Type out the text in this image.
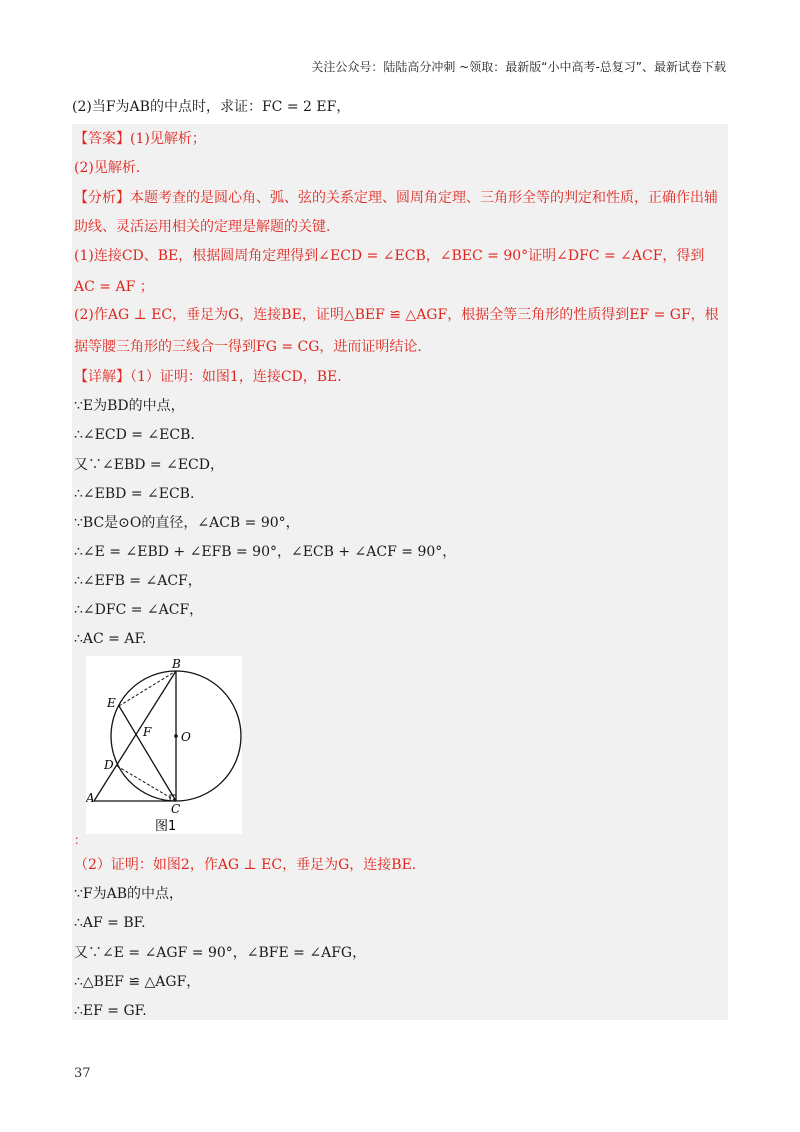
关注公众号：陆陆高分冲刺 ~领取：最新版“小中高考-总复习”、最新试卷下载
(2)当F为AB的中点时，求证：FC = 2 EF，
【答案】(1)见解析；
(2)见解析.
【分析】本题考查的是圆心角、弧、弦的关系定理、圆周角定理、三角形全等的判定和性质，正确作出辅
助线、灵活运用相关的定理是解题的关键.
(1)连接CD、BE，根据圆周角定理得到∠ECD = ∠ECB，∠BEC = 90°证明∠DFC = ∠ACF，得到
AC = AF ；
(2)作AG ⊥ EC，垂足为G，连接BE，证明△BEF ≌ △AGF，根据全等三角形的性质得到EF = GF，根
据等腰三角形的三线合一得到FG = CG，进而证明结论.
【详解】（1）证明：如图1，连接CD，BE.
∵E为BD的中点，
∴∠ECD = ∠ECB.
又∵∠EBD = ∠ECD，
∴∠EBD = ∠ECB.
∵BC是⊙O的直径，∠ACB = 90°，
∴∠E = ∠EBD + ∠EFB = 90°，∠ECB + ∠ACF = 90°，
∴∠EFB = ∠ACF，
∴∠DFC = ∠ACF，
∴AC = AF.
B
E
F O
D
A
C
图1
：
（2）证明：如图2，作AG ⊥ EC，垂足为G，连接BE.
∵F为AB的中点，
∴AF = BF.
又∵∠E = ∠AGF = 90°，∠BFE = ∠AFG，
∴△BEF ≌ △AGF，
∴EF = GF.
37
